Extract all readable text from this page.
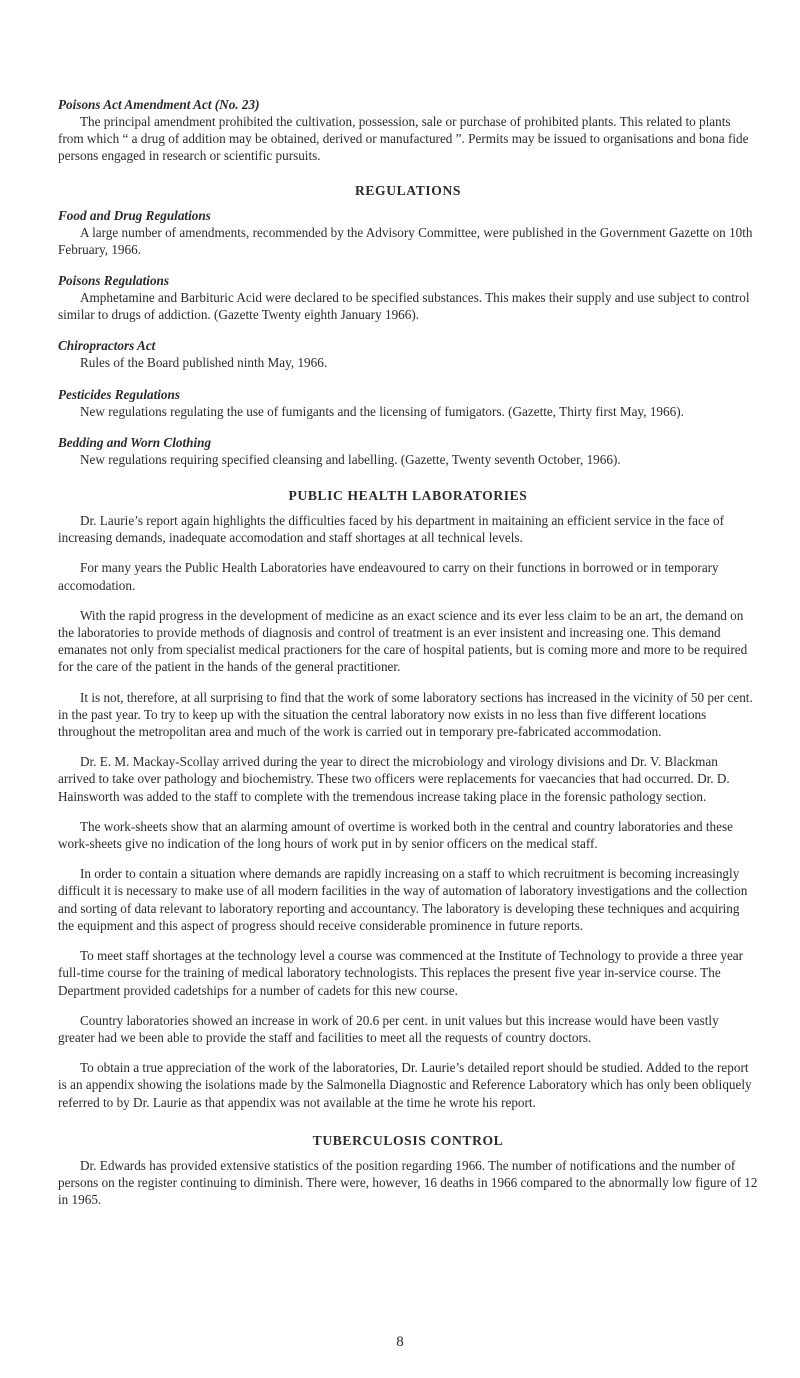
Poisons Act Amendment Act (No. 23)

The principal amendment prohibited the cultivation, possession, sale or purchase of prohibited plants. This related to plants from which “ a drug of addition may be obtained, derived or manufactured ”. Permits may be issued to organisations and bona fide persons engaged in research or scientific pursuits.

REGULATIONS
Food and Drug Regulations

A large number of amendments, recommended by the Advisory Committee, were published in the Government Gazette on 10th February, 1966.

Poisons Regulations

Amphetamine and Barbituric Acid were declared to be specified substances. This makes their supply and use subject to control similar to drugs of addiction. (Gazette Twenty eighth January 1966).

Chiropractors Act

Rules of the Board published ninth May, 1966.

Pesticides Regulations

New regulations regulating the use of fumigants and the licensing of fumigators. (Gazette, Thirty first May, 1966).

Bedding and Worn Clothing

New regulations requiring specified cleansing and labelling. (Gazette, Twenty seventh October, 1966).

PUBLIC HEALTH LABORATORIES

Dr. Laurie’s report again highlights the difficulties faced by his department in maitaining an efficient service in the face of increasing demands, inadequate accomodation and staff shortages at all technical levels.

For many years the Public Health Laboratories have endeavoured to carry on their functions in borrowed or in temporary accomodation.

With the rapid progress in the development of medicine as an exact science and its ever less claim to be an art, the demand on the laboratories to provide methods of diagnosis and control of treatment is an ever insistent and increasing one. This demand emanates not only from specialist medical practioners for the care of hospital patients, but is coming more and more to be required for the care of the patient in the hands of the general practitioner.

It is not, therefore, at all surprising to find that the work of some laboratory sections has increased in the vicinity of 50 per cent. in the past year. To try to keep up with the situation the central laboratory now exists in no less than five different locations throughout the metropolitan area and much of the work is carried out in temporary pre-fabricated accommodation.

Dr. E. M. Mackay-Scollay arrived during the year to direct the microbiology and virology divisions and Dr. V. Blackman arrived to take over pathology and biochemistry. These two officers were replacements for vaecancies that had occurred. Dr. D. Hainsworth was added to the staff to complete with the tremendous increase taking place in the forensic pathology section.

The work-sheets show that an alarming amount of overtime is worked both in the central and country laboratories and these work-sheets give no indication of the long hours of work put in by senior officers on the medical staff.

In order to contain a situation where demands are rapidly increasing on a staff to which recruitment is becoming increasingly difficult it is necessary to make use of all modern facilities in the way of automation of laboratory investigations and the collection and sorting of data relevant to laboratory reporting and accountancy. The laboratory is developing these techniques and acquiring the equipment and this aspect of progress should receive considerable prominence in future reports.

To meet staff shortages at the technology level a course was commenced at the Institute of Technology to provide a three year full-time course for the training of medical laboratory technologists. This replaces the present five year in-service course. The Department provided cadetships for a number of cadets for this new course.

Country laboratories showed an increase in work of 20.6 per cent. in unit values but this increase would have been vastly greater had we been able to provide the staff and facilities to meet all the requests of country doctors.

To obtain a true appreciation of the work of the laboratories, Dr. Laurie’s detailed report should be studied. Added to the report is an appendix showing the isolations made by the Salmonella Diagnostic and Reference Laboratory which has only been obliquely referred to by Dr. Laurie as that appendix was not available at the time he wrote his report.

TUBERCULOSIS CONTROL

Dr. Edwards has provided extensive statistics of the position regarding 1966. The number of notifications and the number of persons on the register continuing to diminish. There were, however, 16 deaths in 1966 compared to the abnormally low figure of 12 in 1965.

8
